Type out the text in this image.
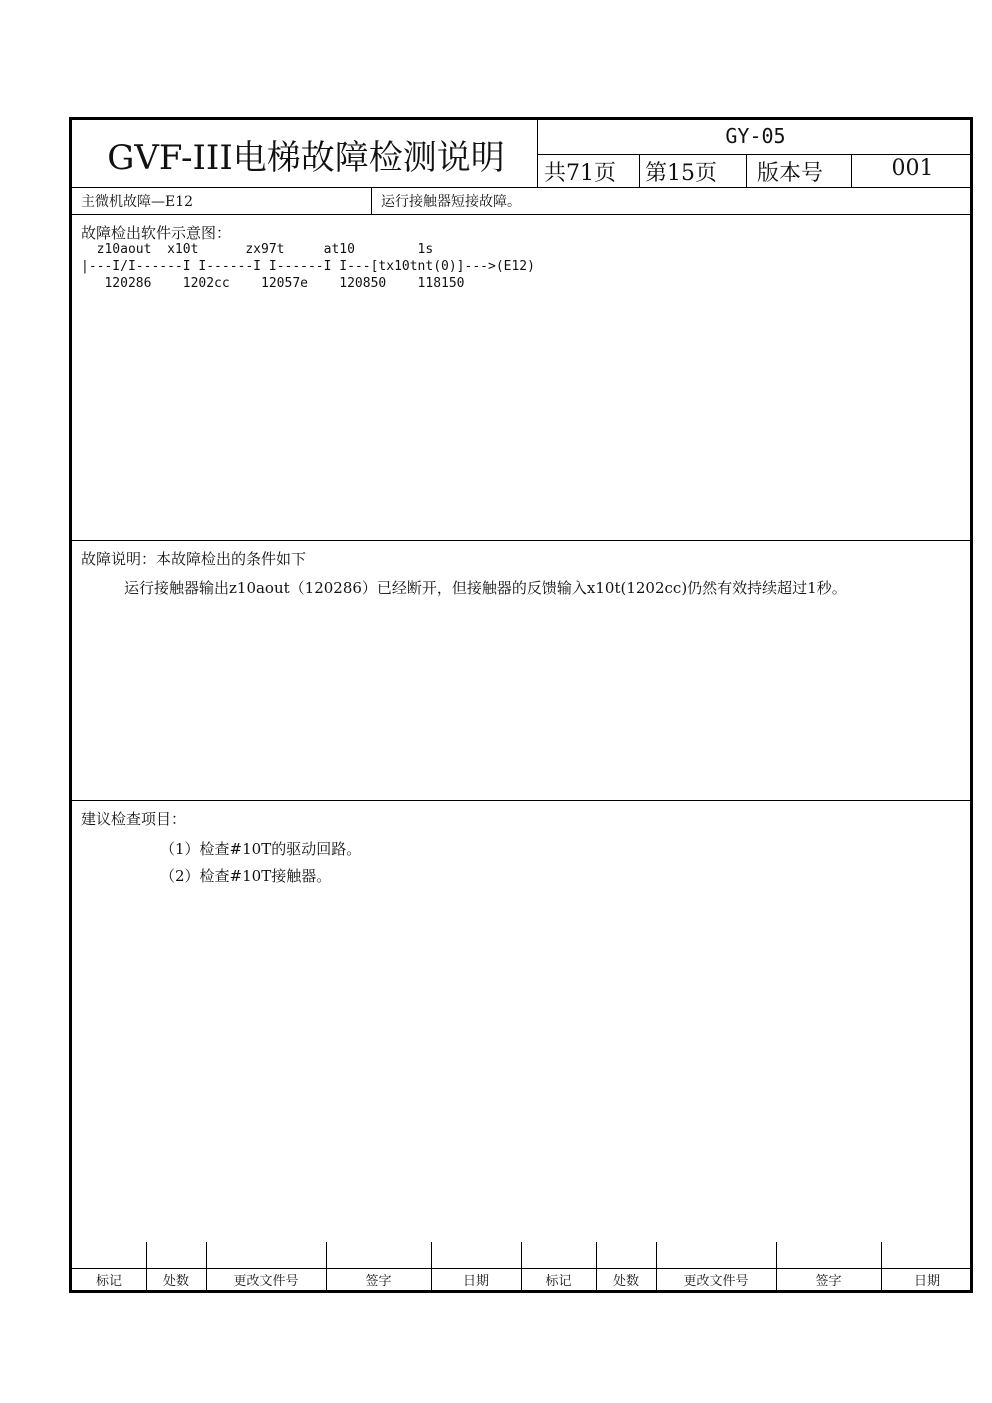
GVF-III电梯故障检测说明
GY-05
共71页 第15页 版本号	001
主微机故障—E12	运行接触器短接故障。
故障检出软件示意图：
z10aout  x10t      zx97t     at10        1s
|---I/I------I I------I I------I I---[tx10tnt(0)]--->(E12)
120286    1202cc    12057e    120850    118150
故障说明：本故障检出的条件如下
运行接触器输出z10aout（120286）已经断开，但接触器的反馈输入x10t(1202cc)仍然有效持续超过1秒。
建议检查项目：
（1）检查#10T的驱动回路。
（2）检查#10T接触器。
标记	处数	更改文件号	签字	日期	标记	处数	更改文件号	签字	日期
